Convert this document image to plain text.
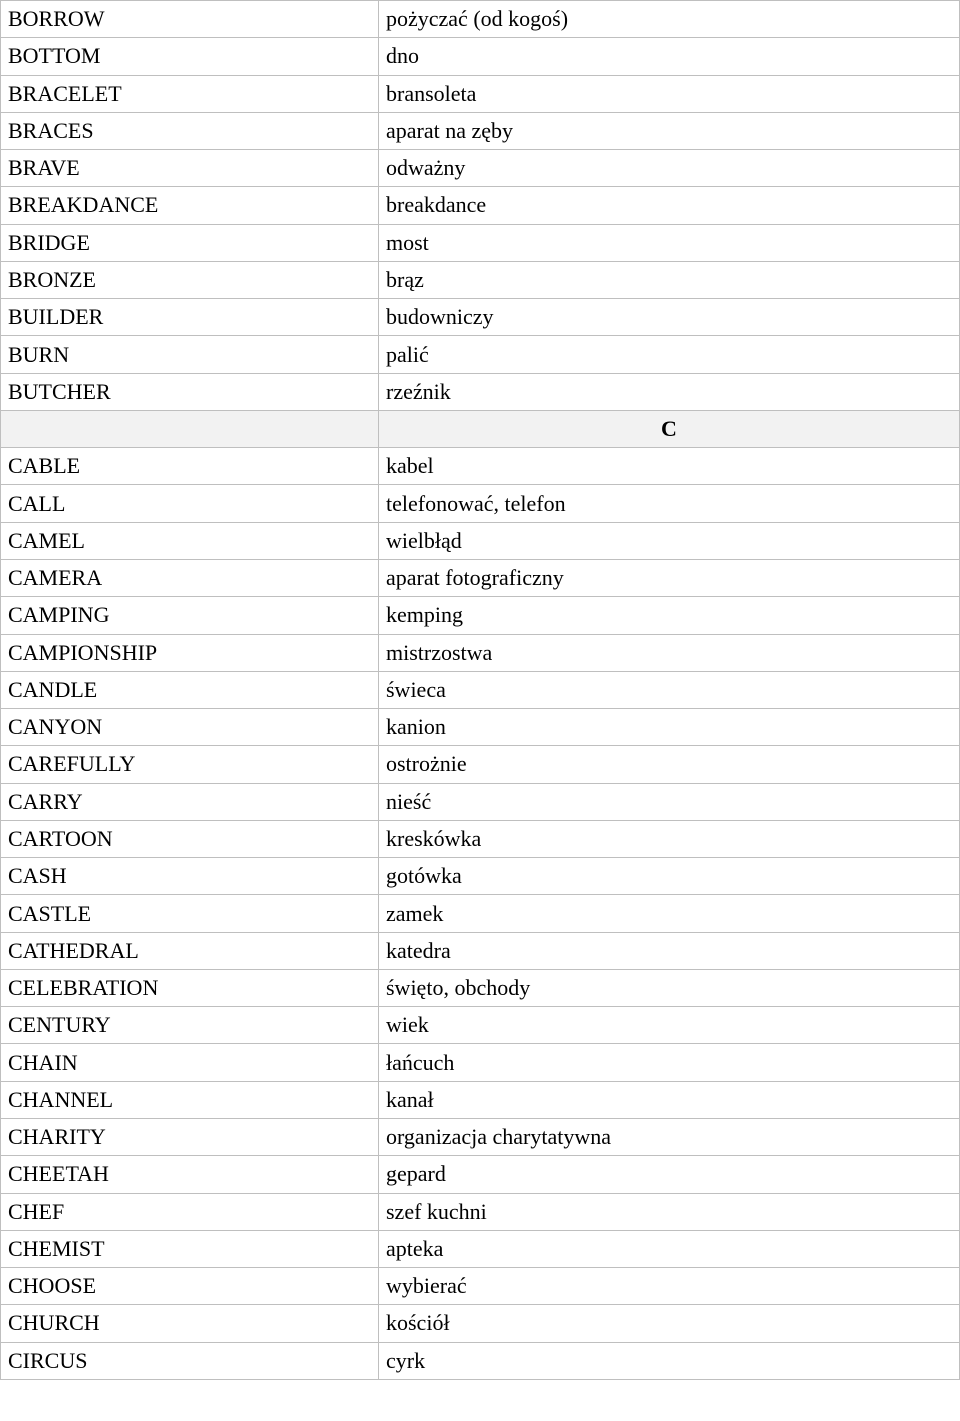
BORROW	pożyczać (od kogoś)
BOTTOM	dno
BRACELET	bransoleta
BRACES	aparat na zęby
BRAVE	odważny
BREAKDANCE	breakdance
BRIDGE	most
BRONZE	brąz
BUILDER	budowniczy
BURN	palić
BUTCHER	rzeźnik
	C
CABLE	kabel
CALL	telefonować, telefon
CAMEL	wielbłąd
CAMERA	aparat fotograficzny
CAMPING	kemping
CAMPIONSHIP	mistrzostwa
CANDLE	świeca
CANYON	kanion
CAREFULLY	ostrożnie
CARRY	nieść
CARTOON	kreskówka
CASH	gotówka
CASTLE	zamek
CATHEDRAL	katedra
CELEBRATION	święto, obchody
CENTURY	wiek
CHAIN	łańcuch
CHANNEL	kanał
CHARITY	organizacja charytatywna
CHEETAH	gepard
CHEF	szef kuchni
CHEMIST	apteka
CHOOSE	wybierać
CHURCH	kościół
CIRCUS	cyrk
